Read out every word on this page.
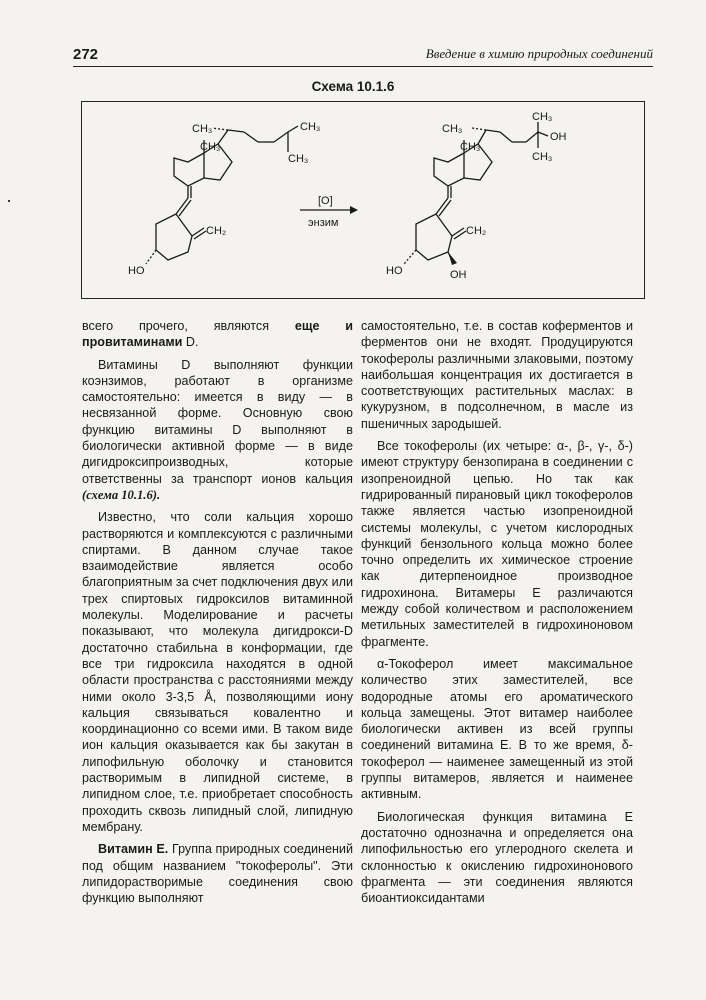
272	Введение в химию природных соединений
Схема 10.1.6
CH₃
CH₃
CH₃
CH₃
CH₂
HO
[O]
энзим
CH₃
CH₃
CH₃
OH
CH₃
CH₂
HO	OH

всего прочего, являются еще и провитаминами D.

Витамины D выполняют функции коэнзимов, работают в организме самостоятельно: имеется в виду — в несвязанной форме. Основную свою функцию витамины D выполняют в биологически активной форме — в виде дигидроксипроизводных, которые ответственны за транспорт ионов кальция (схема 10.1.6).

Известно, что соли кальция хорошо растворяются и комплексуются с различными спиртами. В данном случае такое взаимодействие является особо благоприятным за счет подключения двух или трех спиртовых гидроксилов витаминной молекулы. Моделирование и расчеты показывают, что молекула дигидрокси-D достаточно стабильна в конформации, где все три гидроксила находятся в одной области пространства с расстояниями между ними около 3-3,5 Å, позволяющими иону кальция связываться ковалентно и координационно со всеми ими. В таком виде ион кальция оказывается как бы закутан в липофильную оболочку и становится растворимым в липидной системе, в липидном слое, т.е. приобретает способность проходить сквозь липидный слой, липидную мембрану.

Витамин Е. Группа природных соединений под общим названием "токоферолы". Эти липидорастворимые соединения свою функцию выполняют

самостоятельно, т.е. в состав коферментов и ферментов они не входят. Продуцируются токоферолы различными злаковыми, поэтому наибольшая концентрация их достигается в соответствующих растительных маслах: в кукурузном, в подсолнечном, в масле из пшеничных зародышей.

Все токоферолы (их четыре: α-, β-, γ-, δ-) имеют структуру бензопирана в соединении с изопреноидной цепью. Но так как гидрированный пирановый цикл токоферолов также является частью изопреноидной системы молекулы, с учетом кислородных функций бензольного кольца можно более точно определить их химическое строение как дитерпеноидное производное гидрохинона. Витамеры Е различаются между собой количеством и расположением метильных заместителей в гидрохиноновом фрагменте.

α-Токоферол имеет максимальное количество этих заместителей, все водородные атомы его ароматического кольца замещены. Этот витамер наиболее биологически активен из всей группы соединений витамина Е. В то же время, δ-токоферол — наименее замещенный из этой группы витамеров, является и наименее активным.

Биологическая функция витамина Е достаточно однозначна и определяется она липофильностью его углеродного скелета и склонностью к окислению гидрохинонового фрагмента — эти соединения являются биоантиоксидантами
